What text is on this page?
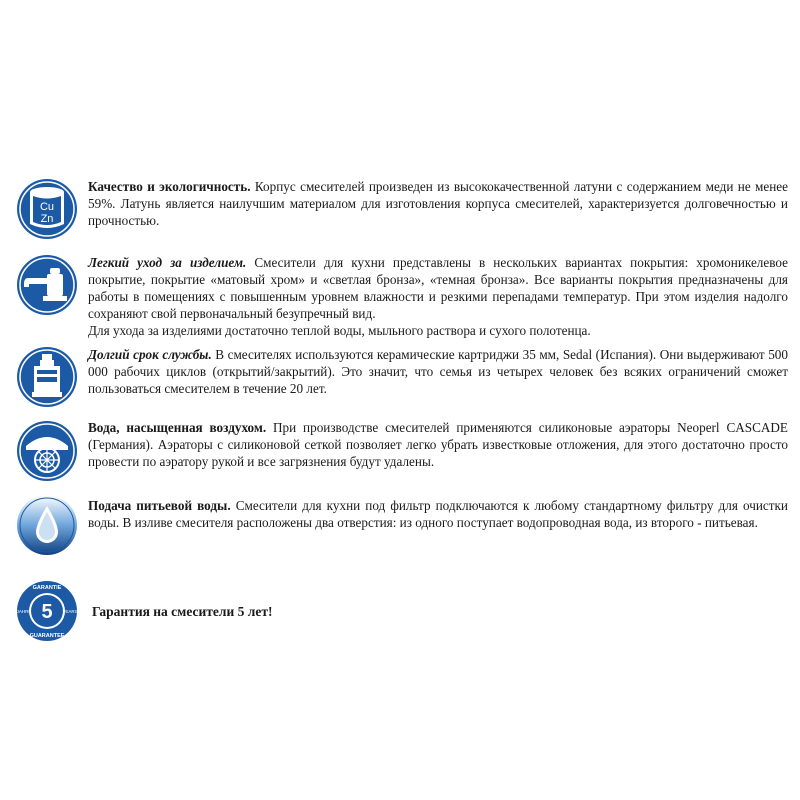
Cu
Zn

Качество и экологичность. Корпус смесителей произведен из высококачественной латуни с содержанием меди не менее 59%. Латунь является наилучшим материалом для изготовления корпуса смесителей, характеризуется долговечностью и прочностью.

Легкий уход за изделием. Смесители для кухни представлены в нескольких вариантах покрытия: хромоникелевое покрытие, покрытие «матовый хром» и «светлая бронза», «темная бронза». Все варианты покрытия предназначены для работы в помещениях с повышенным уровнем влажности и резкими перепадами температур. При этом изделия надолго сохраняют свой первоначальный безупречный вид.

Для ухода за изделиями достаточно теплой воды, мыльного раствора и сухого полотенца.

Долгий срок службы. В смесителях используются керамические картриджи 35 мм, Sedal (Испания). Они выдерживают 500 000 рабочих циклов (открытий/закрытий). Это значит, что семья из четырех человек без всяких ограничений сможет пользоваться смесителем в течение 20 лет.

Вода, насыщенная воздухом. При производстве смесителей применяются силиконовые аэраторы Neoperl CASCADE (Германия). Аэраторы с силиконовой сеткой позволяет легко убрать известковые отложения, для этого достаточно просто провести по аэратору рукой и все загрязнения будут удалены.

Подача питьевой воды. Смесители для кухни под фильтр подключаются к любому стандартному фильтру для очистки воды. В изливе смесителя расположены два отверстия: из одного поступает водопроводная вода, из второго - питьевая.

5
GARANTIE
GUARANTEE
JAHRE	YEARS Гарантия на смесители 5 лет!
